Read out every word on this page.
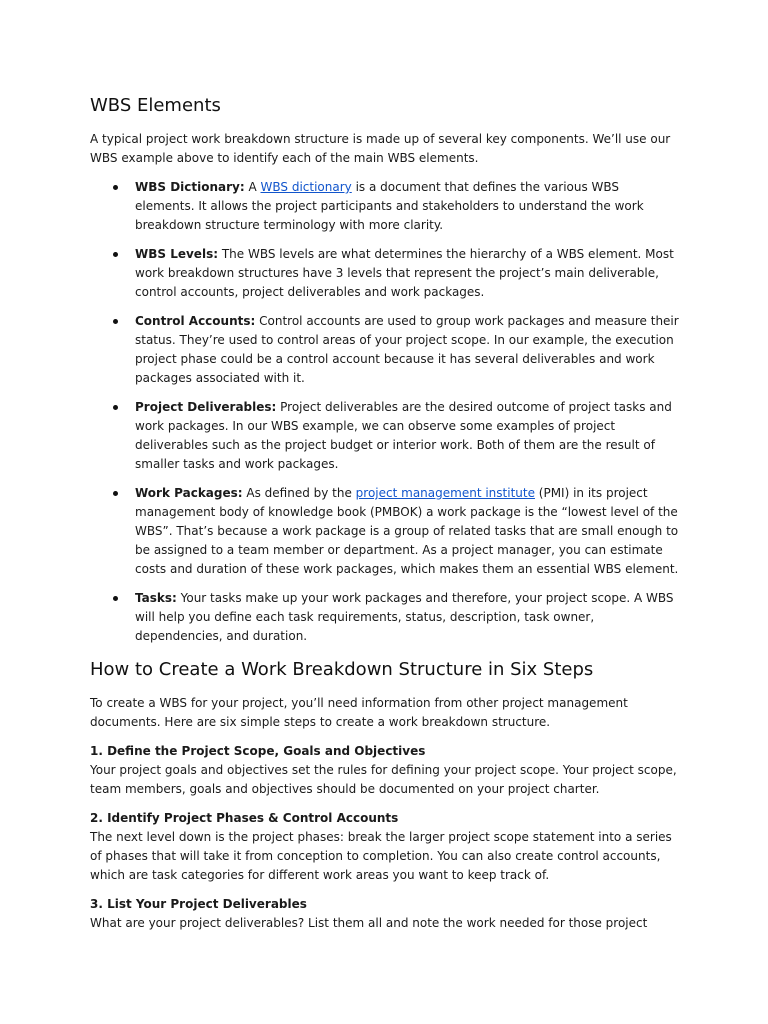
WBS Elements

A typical project work breakdown structure is made up of several key components. We’ll use our WBS example above to identify each of the main WBS elements.

WBS Dictionary: A WBS dictionary is a document that defines the various WBS elements. It allows the project participants and stakeholders to understand the work breakdown structure terminology with more clarity.
WBS Levels: The WBS levels are what determines the hierarchy of a WBS element. Most work breakdown structures have 3 levels that represent the project’s main deliverable, control accounts, project deliverables and work packages.
Control Accounts: Control accounts are used to group work packages and measure their status. They’re used to control areas of your project scope. In our example, the execution project phase could be a control account because it has several deliverables and work packages associated with it.
Project Deliverables: Project deliverables are the desired outcome of project tasks and work packages. In our WBS example, we can observe some examples of project deliverables such as the project budget or interior work. Both of them are the result of smaller tasks and work packages.
Work Packages: As defined by the project management institute (PMI) in its project management body of knowledge book (PMBOK) a work package is the “lowest level of the WBS”. That’s because a work package is a group of related tasks that are small enough to be assigned to a team member or department. As a project manager, you can estimate costs and duration of these work packages, which makes them an essential WBS element.
Tasks: Your tasks make up your work packages and therefore, your project scope. A WBS will help you define each task requirements, status, description, task owner, dependencies, and duration.
How to Create a Work Breakdown Structure in Six Steps

To create a WBS for your project, you’ll need information from other project management documents. Here are six simple steps to create a work breakdown structure.

1. Define the Project Scope, Goals and Objectives
Your project goals and objectives set the rules for defining your project scope. Your project scope, team members, goals and objectives should be documented on your project charter.
2. Identify Project Phases & Control Accounts
The next level down is the project phases: break the larger project scope statement into a series of phases that will take it from conception to completion. You can also create control accounts, which are task categories for different work areas you want to keep track of.
3. List Your Project Deliverables
What are your project deliverables? List them all and note the work needed for those project
